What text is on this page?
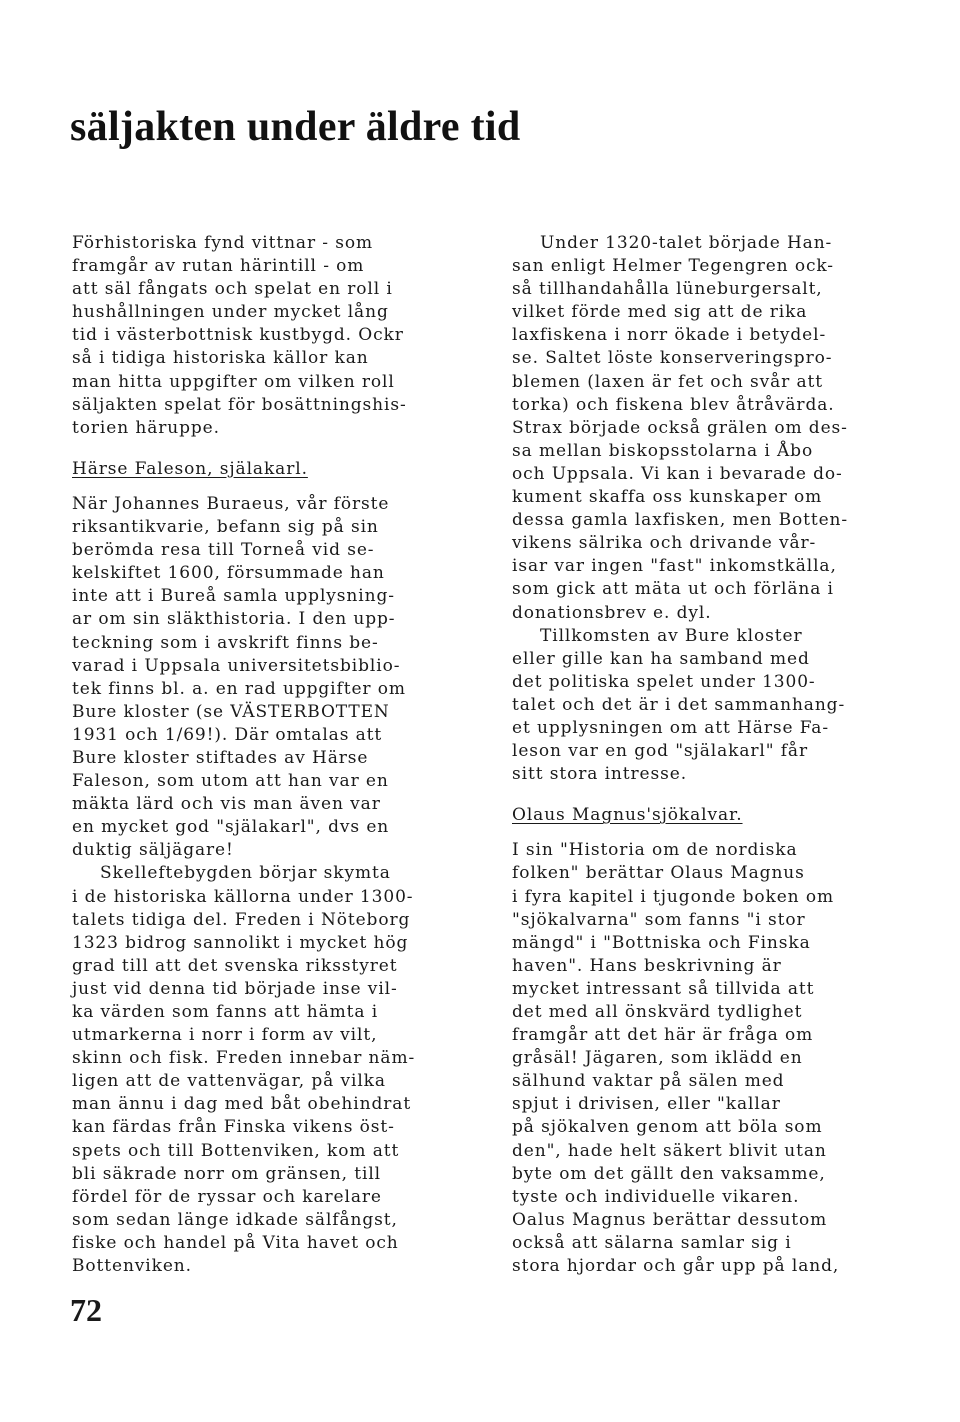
säljakten under äldre tid
Förhistoriska fynd vittnar - som
framgår av rutan härintill - om
att säl fångats och spelat en roll i
hushållningen under mycket lång
tid i västerbottnisk kustbygd. Ockr
så i tidiga historiska källor kan
man hitta uppgifter om vilken roll
säljakten spelat för bosättningshis-
torien häruppe.
Härse Faleson, själakarl.
När Johannes Buraeus, vår förste
riksantikvarie, befann sig på sin
berömda resa till Torneå vid se-
kelskiftet 1600, försummade han
inte att i Bureå samla upplysning-
ar om sin släkthistoria. I den upp-
teckning som i avskrift finns be-
varad i Uppsala universitetsbiblio-
tek finns bl. a. en rad uppgifter om
Bure kloster (se VÄSTERBOTTEN
1931 och 1/69!). Där omtalas att
Bure kloster stiftades av Härse
Faleson, som utom att han var en
mäkta lärd och vis man även var
en mycket god "själakarl", dvs en
duktig säljägare!
Skelleftebygden börjar skymta
i de historiska källorna under 1300-
talets tidiga del. Freden i Nöteborg
1323 bidrog sannolikt i mycket hög
grad till att det svenska riksstyret
just vid denna tid började inse vil-
ka värden som fanns att hämta i
utmarkerna i norr i form av vilt,
skinn och fisk. Freden innebar näm-
ligen att de vattenvägar, på vilka
man ännu i dag med båt obehindrat
kan färdas från Finska vikens öst-
spets och till Bottenviken, kom att
bli säkrade norr om gränsen, till
fördel för de ryssar och karelare
som sedan länge idkade sälfångst,
fiske och handel på Vita havet och
Bottenviken.
Under 1320-talet började Han-
san enligt Helmer Tegengren ock-
så tillhandahålla lüneburgersalt,
vilket förde med sig att de rika
laxfiskena i norr ökade i betydel-
se. Saltet löste konserveringspro-
blemen (laxen är fet och svår att
torka) och fiskena blev åtråvärda.
Strax började också grälen om des-
sa mellan biskopsstolarna i Åbo
och Uppsala. Vi kan i bevarade do-
kument skaffa oss kunskaper om
dessa gamla laxfisken, men Botten-
vikens sälrika och drivande vår-
isar var ingen "fast" inkomstkälla,
som gick att mäta ut och förläna i
donationsbrev e. dyl.
Tillkomsten av Bure kloster
eller gille kan ha samband med
det politiska spelet under 1300-
talet och det är i det sammanhang-
et upplysningen om att Härse Fa-
leson var en god "själakarl" får
sitt stora intresse.
Olaus Magnus'sjökalvar.
I sin "Historia om de nordiska
folken" berättar Olaus Magnus
i fyra kapitel i tjugonde boken om
"sjökalvarna" som fanns "i stor
mängd" i "Bottniska och Finska
haven". Hans beskrivning är
mycket intressant så tillvida att
det med all önskvärd tydlighet
framgår att det här är fråga om
gråsäl! Jägaren, som iklädd en
sälhund vaktar på sälen med
spjut i drivisen, eller "kallar
på sjökalven genom att böla som
den", hade helt säkert blivit utan
byte om det gällt den vaksamme,
tyste och individuelle vikaren.
Oalus Magnus berättar dessutom
också att sälarna samlar sig i
stora hjordar och går upp på land,
72
